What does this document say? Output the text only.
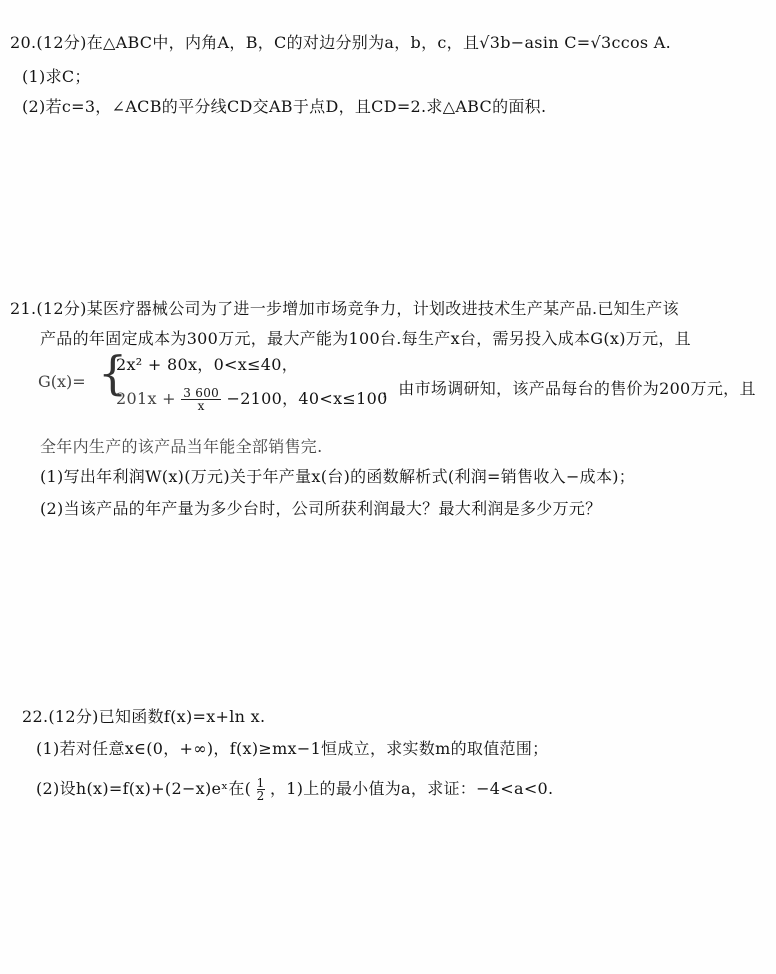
20.(12分)在△ABC中，内角A，B，C的对边分别为a，b，c，且√3b−asin C=√3ccos A.
(1)求C；
(2)若c=3，∠ACB的平分线CD交AB于点D，且CD=2.求△ABC的面积.
21.(12分)某医疗器械公司为了进一步增加市场竞争力，计划改进技术生产某产品.已知生产该
产品的年固定成本为300万元，最大产能为100台.每生产x台，需另投入成本G(x)万元，且
G(x)= {
2x² + 80x，0<x≤40，
$201x + \frac{3 600}{x} -2100$，40<x≤100
，由市场调研知，该产品每台的售价为200万元，且
全年内生产的该产品当年能全部销售完.
(1)写出年利润W(x)(万元)关于年产量x(台)的函数解析式(利润=销售收入−成本)；
(2)当该产品的年产量为多少台时，公司所获利润最大？最大利润是多少万元？
22.(12分)已知函数f(x)=x+ln x.
(1)若对任意x∈(0，+∞)，f(x)≥mx−1恒成立，求实数m的取值范围；
(2)设h(x)=f(x)+(2−x)eˣ在( $\frac{1}{2}$ ，1)上的最小值为a，求证：−4<a<0.
